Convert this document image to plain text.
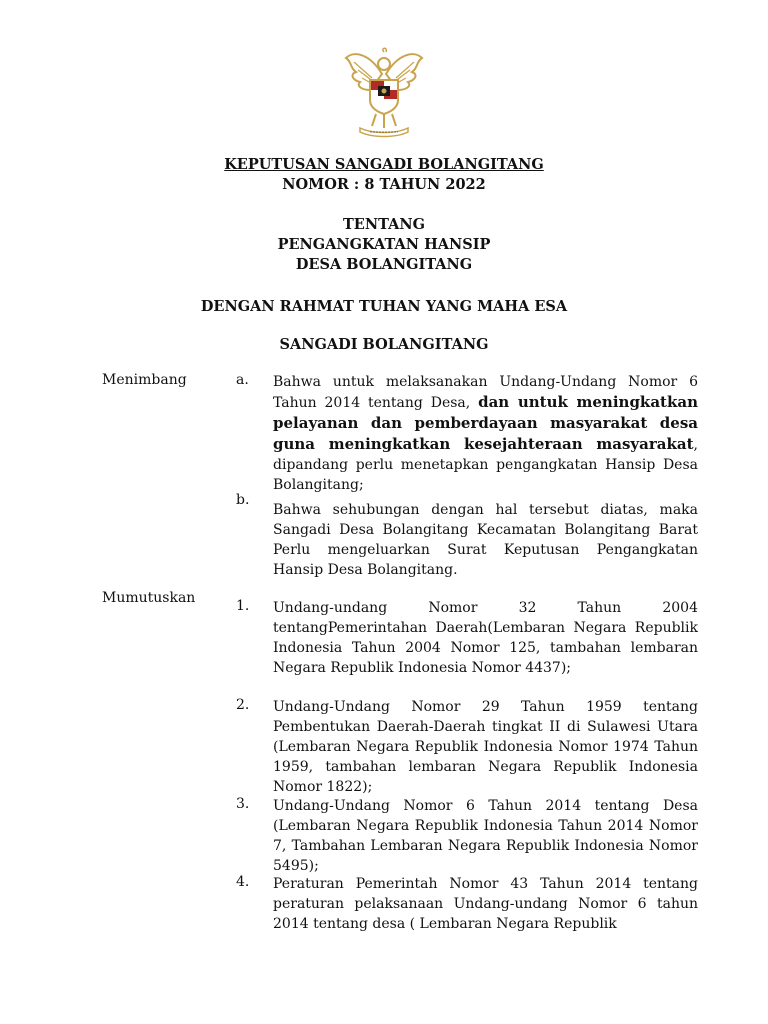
KEPUTUSAN SANGADI BOLANGITANG
NOMOR : 8 TAHUN 2022
TENTANG
PENGANGKATAN HANSIP
DESA BOLANGITANG
DENGAN RAHMAT TUHAN YANG MAHA ESA
SANGADI BOLANGITANG
Menimbang	a. Bahwa untuk melaksanakan Undang-Undang Nomor 6 Tahun 2014 tentang Desa, dan untuk meningkatkan pelayanan dan pemberdayaan masyarakat desa guna meningkatkan kesejahteraan masyarakat, dipandang perlu menetapkan pengangkatan Hansip Desa Bolangitang;
b.
Bahwa sehubungan dengan hal tersebut diatas, maka Sangadi Desa Bolangitang Kecamatan Bolangitang Barat Perlu mengeluarkan Surat Keputusan Pengangkatan Hansip Desa Bolangitang.
Mumutuskan	1. Undang-undang Nomor 32 Tahun 2004 tentangPemerintahan Daerah(Lembaran Negara Republik Indonesia Tahun 2004 Nomor 125, tambahan lembaran Negara Republik Indonesia Nomor 4437);
2. Undang-Undang Nomor 29 Tahun 1959 tentang Pembentukan Daerah-Daerah tingkat II di Sulawesi Utara (Lembaran Negara Republik Indonesia Nomor 1974 Tahun 1959, tambahan lembaran Negara Republik Indonesia Nomor 1822);
3. Undang-Undang Nomor 6 Tahun 2014 tentang Desa (Lembaran Negara Republik Indonesia Tahun 2014 Nomor 7, Tambahan Lembaran Negara Republik Indonesia Nomor 5495);
4. Peraturan Pemerintah Nomor 43 Tahun 2014 tentang peraturan pelaksanaan Undang-undang Nomor 6 tahun 2014 tentang desa ( Lembaran Negara Republik
